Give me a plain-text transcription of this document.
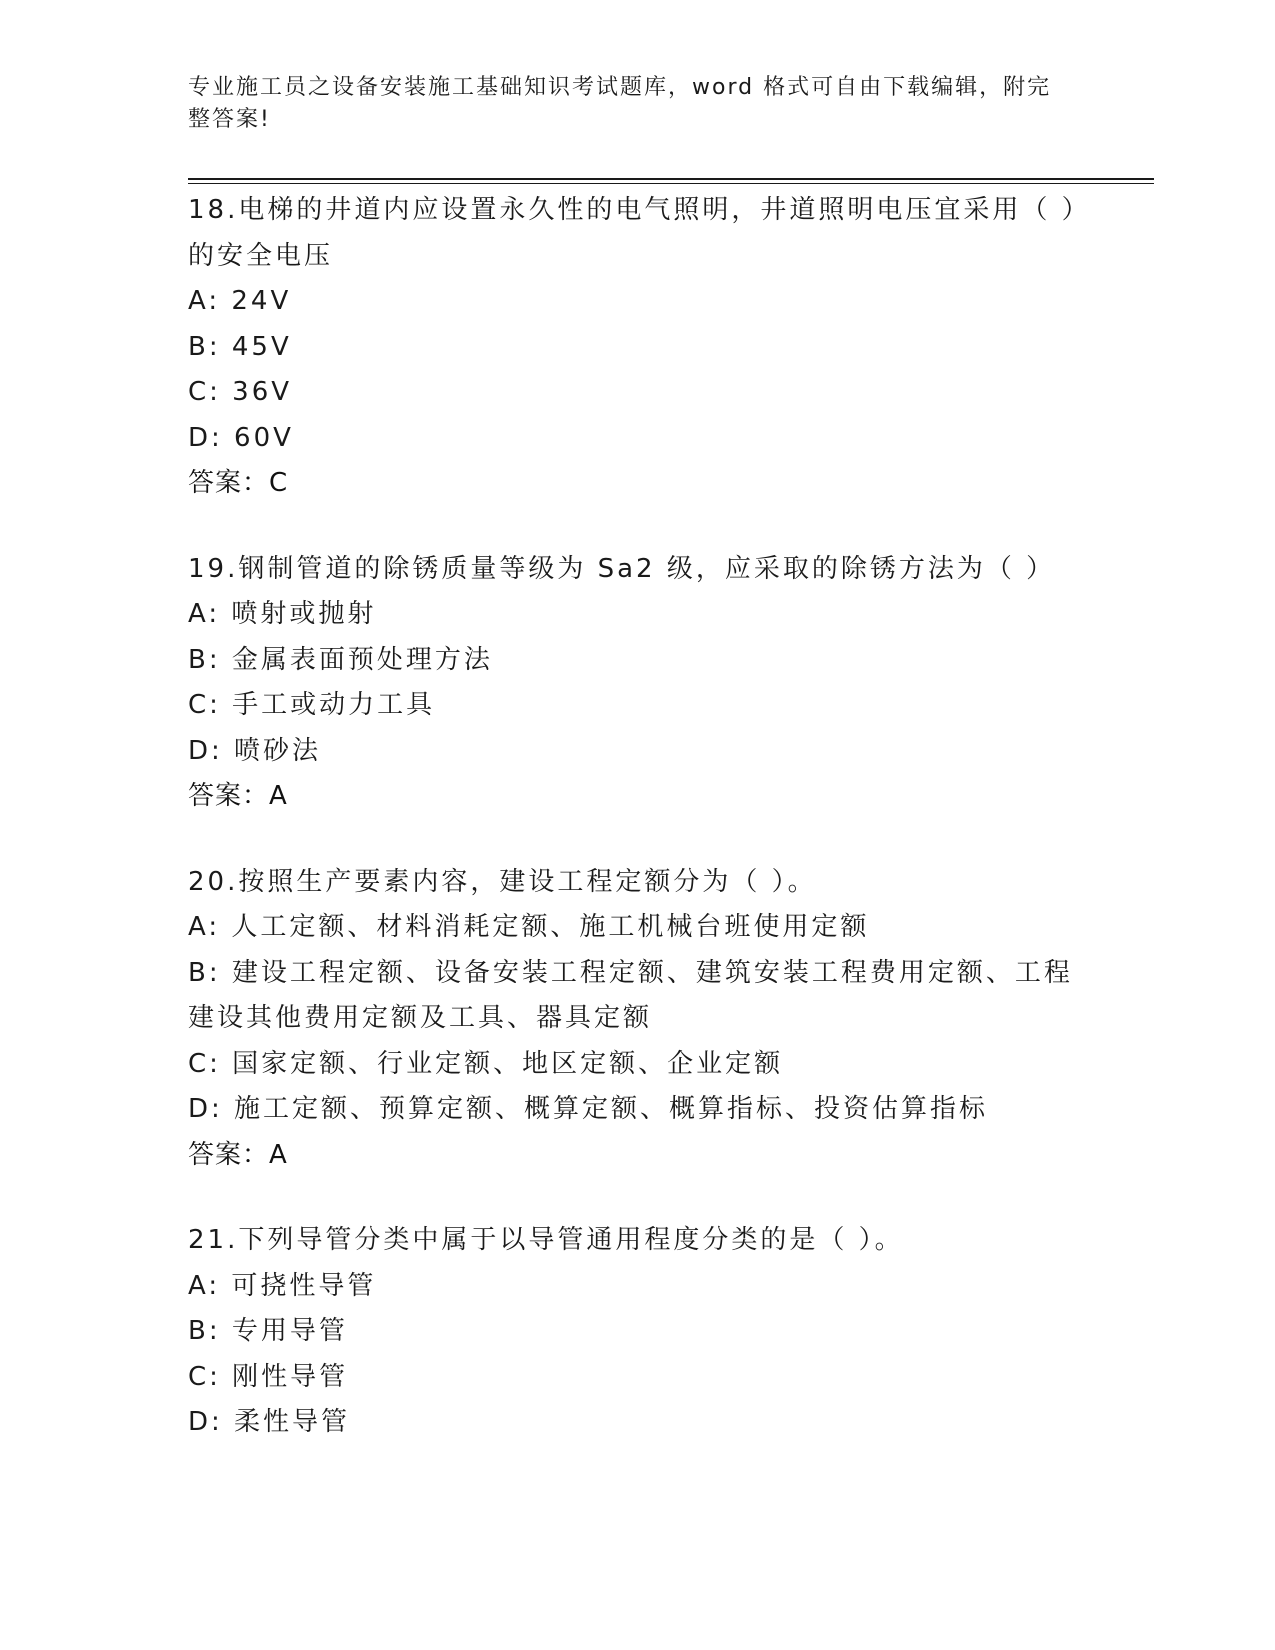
专业施工员之设备安装施工基础知识考试题库，word 格式可自由下载编辑，附完整答案!
18.电梯的井道内应设置永久性的电气照明，井道照明电压宜采用（ ）的安全电压
A: 24V
B: 45V
C: 36V
D: 60V
答案：C
19.钢制管道的除锈质量等级为 Sa2 级，应采取的除锈方法为（ ）
A: 喷射或抛射
B: 金属表面预处理方法
C: 手工或动力工具
D: 喷砂法
答案：A
20.按照生产要素内容，建设工程定额分为（ ）。
A: 人工定额、材料消耗定额、施工机械台班使用定额
B: 建设工程定额、设备安装工程定额、建筑安装工程费用定额、工程建设其他费用定额及工具、器具定额
C: 国家定额、行业定额、地区定额、企业定额
D: 施工定额、预算定额、概算定额、概算指标、投资估算指标
答案：A
21.下列导管分类中属于以导管通用程度分类的是（ ）。
A: 可挠性导管
B: 专用导管
C: 刚性导管
D: 柔性导管
